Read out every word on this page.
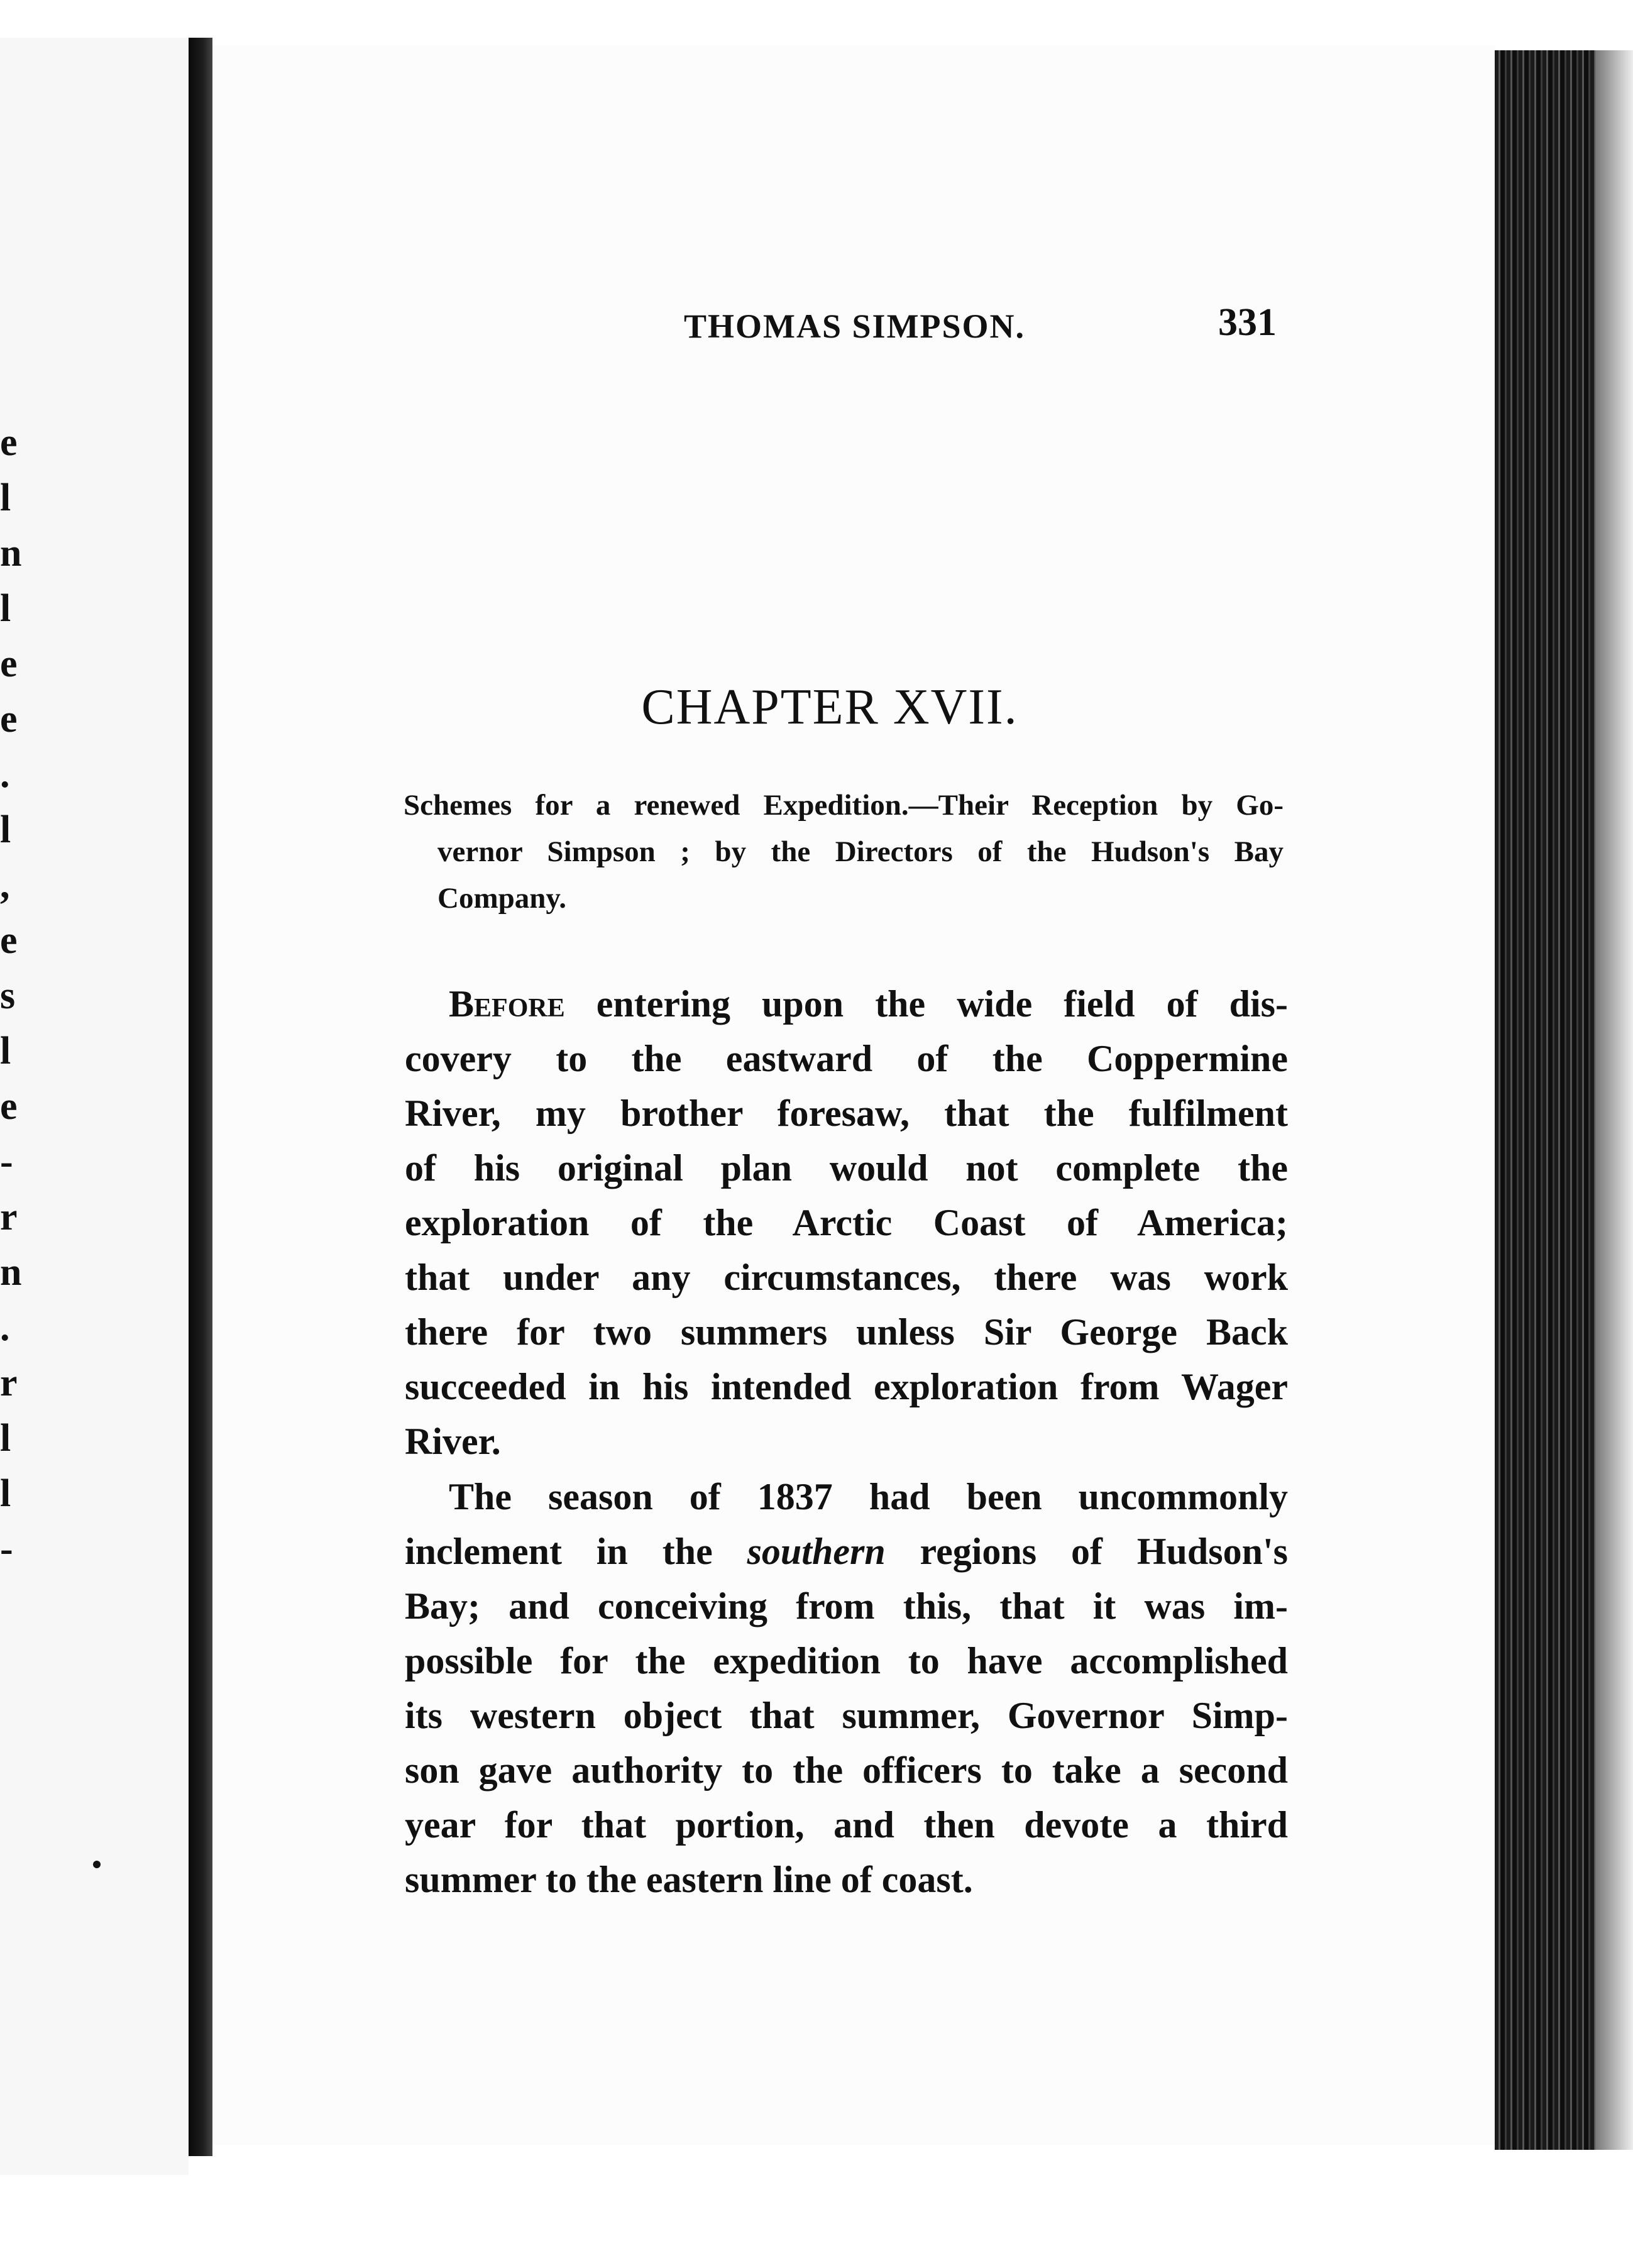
e
l
n
l
e
e
.
l
,
e
s
l
e
-
r
n
.
r
l
l
-
THOMAS SIMPSON.	331
CHAPTER XVII.
Schemes for a renewed Expedition.—Their Reception by Go-
vernor Simpson ; by the Directors of the Hudson's Bay
Company.
Before entering upon the wide field of dis-
covery to the eastward of the Coppermine
River, my brother foresaw, that the fulfilment
of his original plan would not complete the
exploration of the Arctic Coast of America;
that under any circumstances, there was work
there for two summers unless Sir George Back
succeeded in his intended exploration from Wager
River.
The season of 1837 had been uncommonly
inclement in the southern regions of Hudson's
Bay; and conceiving from this, that it was im-
possible for the expedition to have accomplished
its western object that summer, Governor Simp-
son gave authority to the officers to take a second
year for that portion, and then devote a third
summer to the eastern line of coast.
